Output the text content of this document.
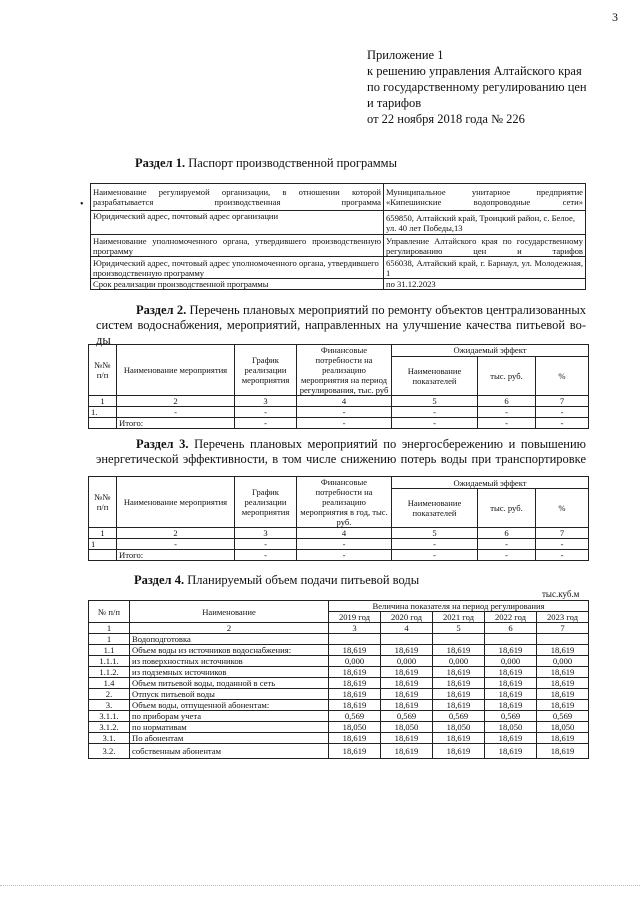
3
Приложение 1
к решению управления Алтайского края
по государственному регулированию цен
и тарифов
от 22 ноября 2018 года № 226
Раздел 1. Паспорт производственной программы
•
Наименование регулируемой организации, в отношении которой разрабатывается производственная программа	Муниципальное унитарное предприятие «Кипешинские водопроводные сети»
Юридический адрес, почтовый адрес организации	659850, Алтайский край, Троицкий район, с. Белое, ул. 40 лет Победы,13
Наименование уполномоченного органа, утвердившего производственную программу	Управление Алтайского края по государственному регулированию цен и тарифов
Юридический адрес, почтовый адрес уполномоченного органа, утвердившего производственную программу	656038, Алтайский край, г. Барнаул, ул. Молодежная, 1
Срок реализации производственной программы	по 31.12.2023
Раздел 2. Перечень плановых мероприятий по ремонту объектов централизованных
систем водоснабжения, мероприятий, направленных на улучшение качества питьевой во-
ды
№№ п/п	Наименование мероприятия	График реализации мероприятия	Финансовые потребности на реализацию мероприятия на период регулирования, тыс. руб	Ожидаемый эффект		
				Наименование показателей	тыс. руб.	%
1	2	3	4	5	6	7
1.	-	-	-	-	-	-
	Итого:	-	-	-	-	-
Раздел 3. Перечень плановых мероприятий по энергосбережению и повышению
энергетической эффективности, в том числе снижению потерь воды при транспортировке
№№ п/п	Наименование мероприятия	График реализации мероприятия	Финансовые потребности на реализацию мероприятия в год, тыс. руб.	Ожидаемый эффект		
				Наименование показателей	тыс. руб.	%
1	2	3	4	5	6	7
1	-	-	-	-	-	-
	Итого:	-	-	-	-	-
Раздел 4. Планируемый объем подачи питьевой воды
тыс.куб.м
№ п/п	Наименование	Величина показателя на период регулирования				
		2019 год	2020 год	2021 год	2022 год	2023 год
1	2	3	4	5	6	7
1	Водоподготовка					
1.1	Объем воды из источников водоснабжения:	18,619	18,619	18,619	18,619	18,619
1.1.1.	из поверхностных источников	0,000	0,000	0,000	0,000	0,000
1.1.2.	из подземных источников	18,619	18,619	18,619	18,619	18,619
1.4	Объем питьевой воды, поданной в сеть	18,619	18,619	18,619	18,619	18,619
2.	Отпуск питьевой воды	18,619	18,619	18,619	18,619	18,619
3.	Объем воды, отпущенной абонентам:	18,619	18,619	18,619	18,619	18,619
3.1.1.	по приборам учета	0,569	0,569	0,569	0,569	0,569
3.1.2.	по нормативам	18,050	18,050	18,050	18,050	18,050
3.1.	По абонентам	18,619	18,619	18,619	18,619	18,619
3.2.	собственным абонентам	18,619	18,619	18,619	18,619	18,619
